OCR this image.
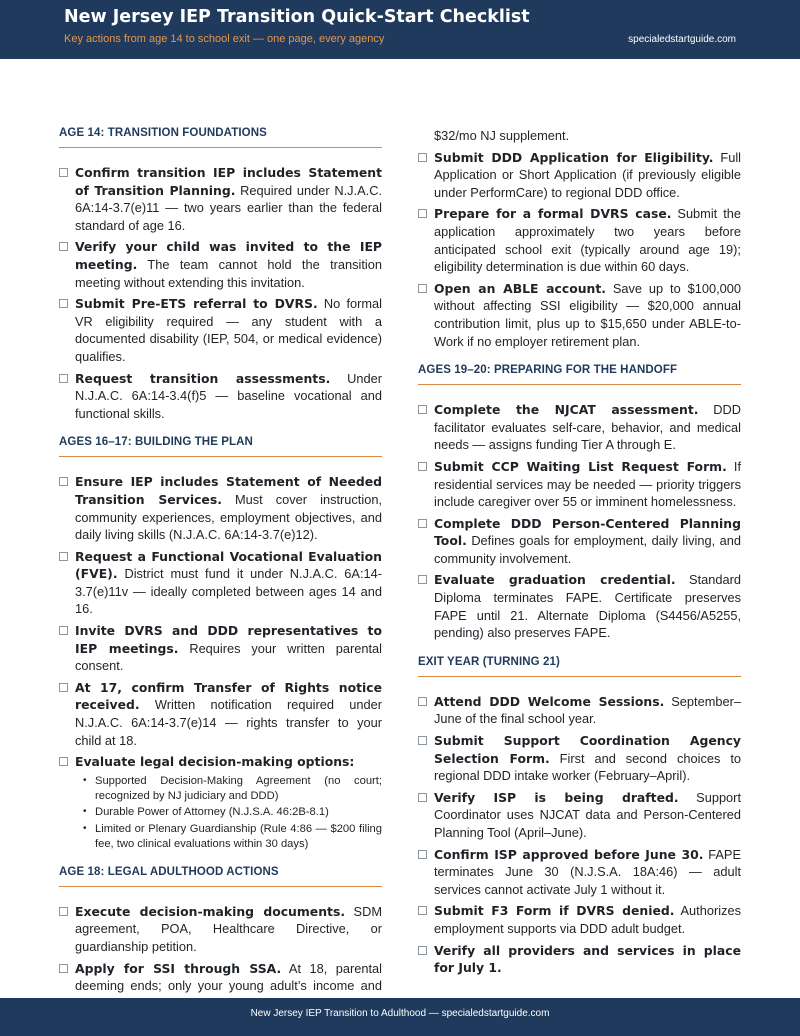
New Jersey IEP Transition Quick-Start Checklist
Key actions from age 14 to school exit — one page, every agency	specialedstartguide.com
AGE 14: TRANSITION FOUNDATIONS
Confirm transition IEP includes Statement of Transition Planning. Required under N.J.A.C. 6A:14-3.7(e)11 — two years earlier than the federal standard of age 16.
Verify your child was invited to the IEP meeting. The team cannot hold the transition meeting without extending this invitation.
Submit Pre-ETS referral to DVRS. No formal VR eligibility required — any student with a documented disability (IEP, 504, or medical evidence) qualifies.
Request transition assessments. Under N.J.A.C. 6A:14-3.4(f)5 — baseline vocational and functional skills.
AGES 16–17: BUILDING THE PLAN
Ensure IEP includes Statement of Needed Transition Services. Must cover instruction, community experiences, employment objectives, and daily living skills (N.J.A.C. 6A:14-3.7(e)12).
Request a Functional Vocational Evaluation (FVE). District must fund it under N.J.A.C. 6A:14-3.7(e)11v — ideally completed between ages 14 and 16.
Invite DVRS and DDD representatives to IEP meetings. Requires your written parental consent.
At 17, confirm Transfer of Rights notice received. Written notification required under N.J.A.C. 6A:14-3.7(e)14 — rights transfer to your child at 18.
Evaluate legal decision-making options:
• Supported Decision-Making Agreement (no court; recognized by NJ judiciary and DDD)
• Durable Power of Attorney (N.J.S.A. 46:2B-8.1)
• Limited or Plenary Guardianship (Rule 4:86 — $200 filing fee, two clinical evaluations within 30 days)
AGE 18: LEGAL ADULTHOOD ACTIONS
Execute decision-making documents. SDM agreement, POA, Healthcare Directive, or guardianship petition.
Apply for SSI through SSA. At 18, parental deeming ends; only your young adult’s income and
$32/mo NJ supplement.
Submit DDD Application for Eligibility. Full Application or Short Application (if previously eligible under PerformCare) to regional DDD office.
Prepare for a formal DVRS case. Submit the application approximately two years before anticipated school exit (typically around age 19); eligibility determination is due within 60 days.
Open an ABLE account. Save up to $100,000 without affecting SSI eligibility — $20,000 annual contribution limit, plus up to $15,650 under ABLE-to-Work if no employer retirement plan.
AGES 19–20: PREPARING FOR THE HANDOFF
Complete the NJCAT assessment. DDD facilitator evaluates self-care, behavior, and medical needs — assigns funding Tier A through E.
Submit CCP Waiting List Request Form. If residential services may be needed — priority triggers include caregiver over 55 or imminent homelessness.
Complete DDD Person-Centered Planning Tool. Defines goals for employment, daily living, and community involvement.
Evaluate graduation credential. Standard Diploma terminates FAPE. Certificate preserves FAPE until 21. Alternate Diploma (S4456/A5255, pending) also preserves FAPE.
EXIT YEAR (TURNING 21)
Attend DDD Welcome Sessions. September–June of the final school year.
Submit Support Coordination Agency Selection Form. First and second choices to regional DDD intake worker (February–April).
Verify ISP is being drafted. Support Coordinator uses NJCAT data and Person-Centered Planning Tool (April–June).
Confirm ISP approved before June 30. FAPE terminates June 30 (N.J.S.A. 18A:46) — adult services cannot activate July 1 without it.
Submit F3 Form if DVRS denied. Authorizes employment supports via DDD adult budget.
Verify all providers and services in place for July 1.
New Jersey IEP Transition to Adulthood — specialedstartguide.com
